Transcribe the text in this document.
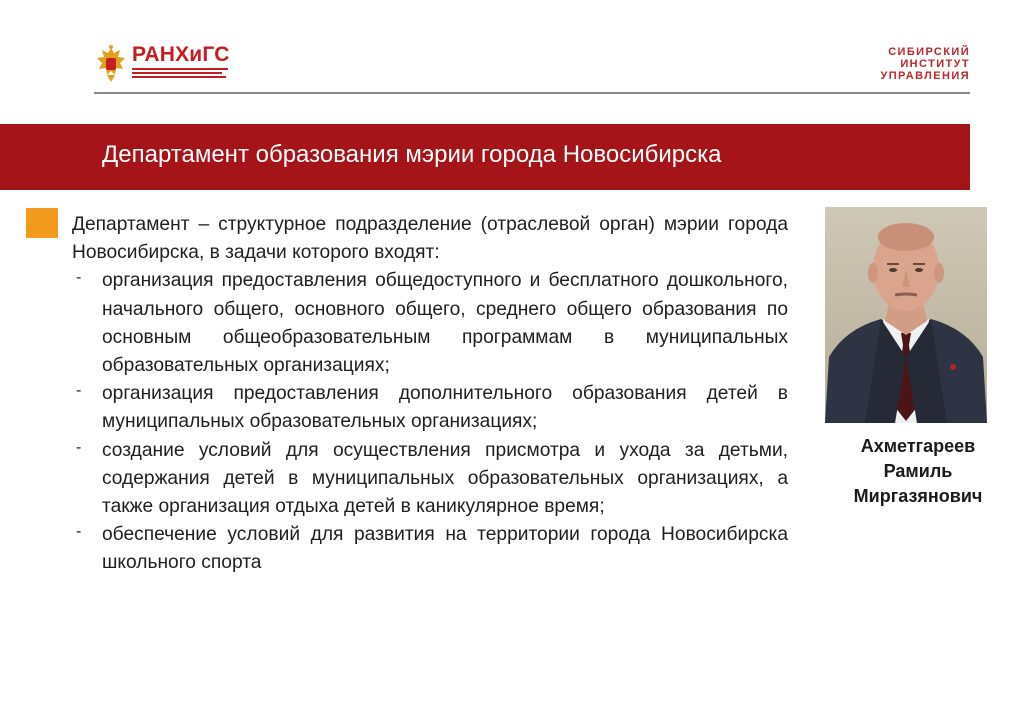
РАНХиГС	СИБИРСКИЙ
ИНСТИТУТ
УПРАВЛЕНИЯ
Департамент образования мэрии города Новосибирска

Департамент – структурное подразделение (отраслевой орган) мэрии города Новосибирска, в задачи которого входят:

- организация предоставления общедоступного и бесплатного дошкольного, начального общего, основного общего, среднего общего образования по основным общеобразовательным программам в муниципальных образовательных организациях;
- организация предоставления дополнительного образования детей в муниципальных образовательных организациях;
- создание условий для осуществления присмотра и ухода за детьми, содержания детей в муниципальных образовательных организациях, а также организация отдыха детей в каникулярное время;
- обеспечение условий для развития на территории города Новосибирска школьного спорта
Ахметгареев
Рамиль
Миргазянович
